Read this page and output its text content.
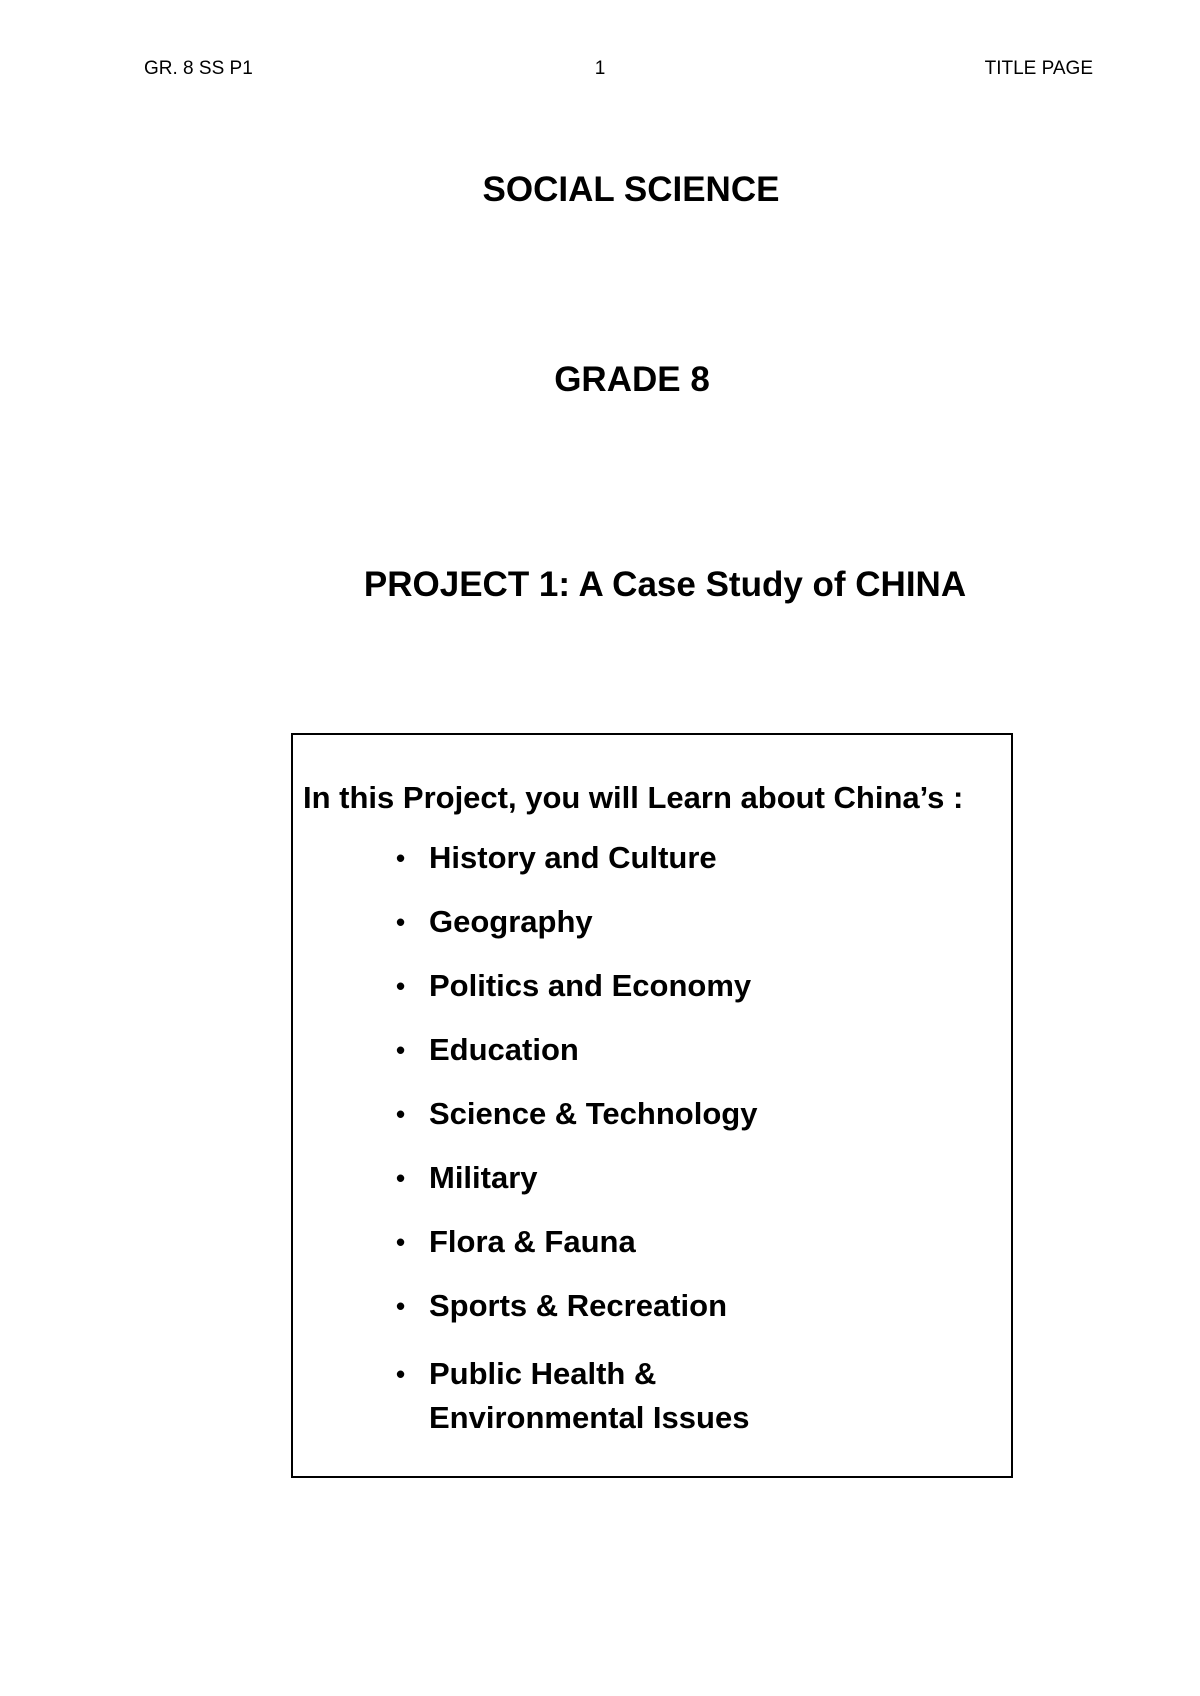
GR. 8 SS P1	1	TITLE PAGE
SOCIAL SCIENCE
GRADE 8
PROJECT 1: A Case Study of CHINA
In this Project, you will Learn about China’s :
• History and Culture
• Geography
• Politics and Economy
• Education
• Science & Technology
• Military
• Flora & Fauna
• Sports & Recreation
• Public Health & Environmental Issues
